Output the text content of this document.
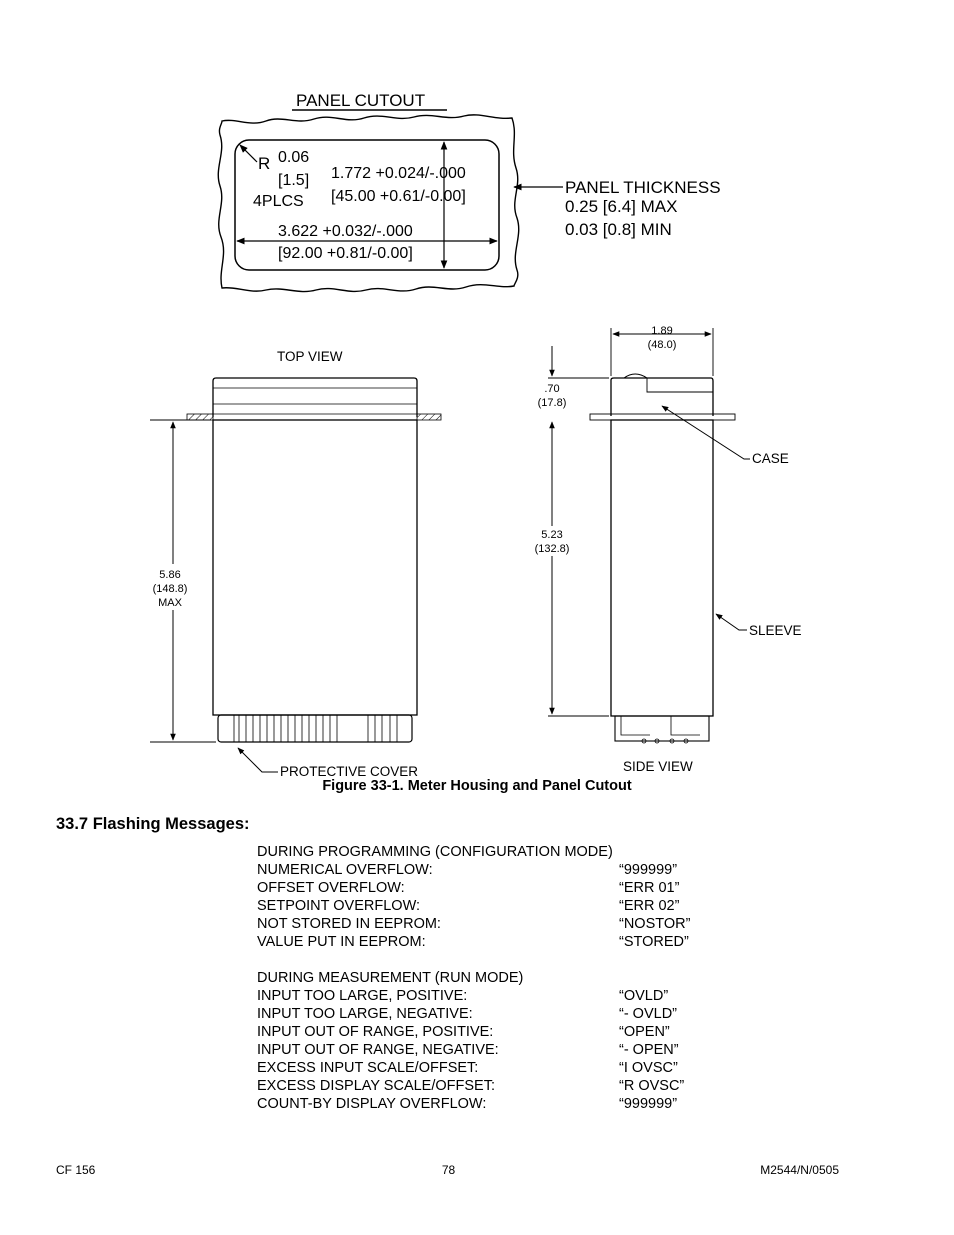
PANEL CUTOUT
R 0.06
[1.5]
4PLCS
1.772 +0.024/-.000
[45.00 +0.61/-0.00]
3.622 +0.032/-.000
[92.00 +0.81/-0.00]
PANEL THICKNESS
0.25 [6.4] MAX
0.03 [0.8] MIN
TOP VIEW
5.86
(148.8)
MAX
PROTECTIVE COVER
1.89
(48.0)
.70
(17.8)
5.23
(132.8)
CASE
SLEEVE
SIDE VIEW
Figure 33-1. Meter Housing and Panel Cutout
33.7 Flashing Messages:
DURING PROGRAMMING (CONFIGURATION MODE)
NUMERICAL OVERFLOW:	“999999”
OFFSET OVERFLOW:	“ERR 01”
SETPOINT OVERFLOW:	“ERR 02”
NOT STORED IN EEPROM:	“NOSTOR”
VALUE PUT IN EEPROM:	“STORED”
DURING MEASUREMENT (RUN MODE)
INPUT TOO LARGE, POSITIVE:	“OVLD”
INPUT TOO LARGE, NEGATIVE:	“- OVLD”
INPUT OUT OF RANGE, POSITIVE:	“OPEN”
INPUT OUT OF RANGE, NEGATIVE:	“- OPEN”
EXCESS INPUT SCALE/OFFSET:	“I OVSC”
EXCESS DISPLAY SCALE/OFFSET:	“R OVSC”
COUNT-BY DISPLAY OVERFLOW:	“999999”
CF 156	78	M2544/N/0505
